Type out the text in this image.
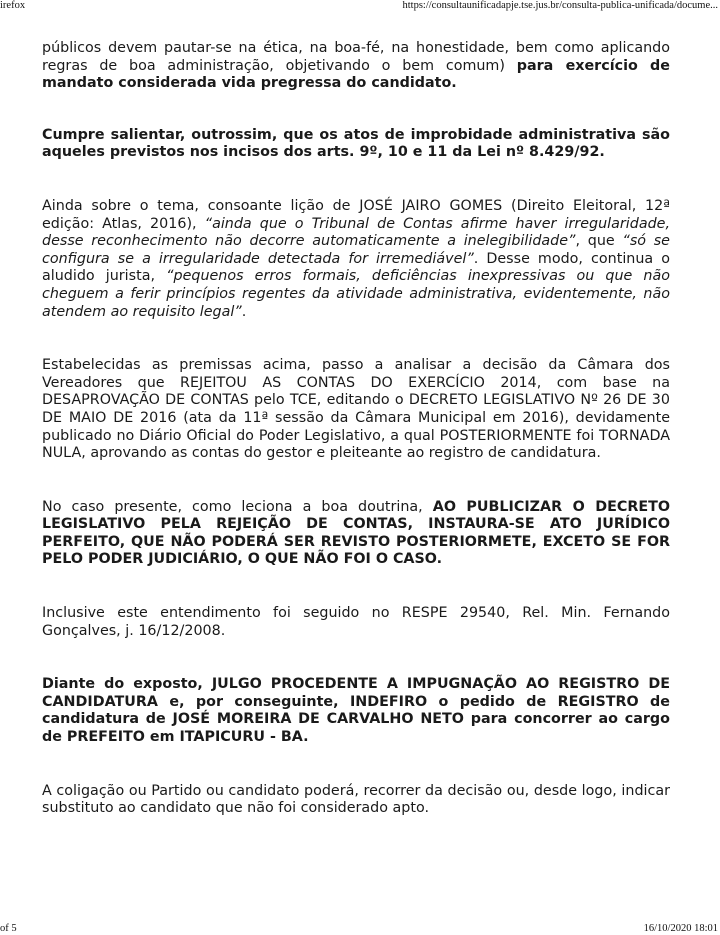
irefox	https://consultaunificadapje.tse.jus.br/consulta-publica-unificada/docume...

públicos devem pautar-se na ética, na boa-fé, na honestidade, bem como aplicando regras de boa administração, objetivando o bem comum) para exercício de mandato considerada vida pregressa do candidato.

Cumpre salientar, outrossim, que os atos de improbidade administrativa são aqueles previstos nos incisos dos arts. 9º, 10 e 11 da Lei nº 8.429/92.

Ainda sobre o tema, consoante lição de JOSÉ JAIRO GOMES (Direito Eleitoral, 12ª edição: Atlas, 2016), “ainda que o Tribunal de Contas afirme haver irregularidade, desse reconhecimento não decorre automaticamente a inelegibilidade”, que “só se configura se a irregularidade detectada for irremediável”. Desse modo, continua o aludido jurista, “pequenos erros formais, deficiências inexpressivas ou que não cheguem a ferir princípios regentes da atividade administrativa, evidentemente, não atendem ao requisito legal”.

Estabelecidas as premissas acima, passo a analisar a decisão da Câmara dos Vereadores que REJEITOU AS CONTAS DO EXERCÍCIO 2014, com base na DESAPROVAÇÃO DE CONTAS pelo TCE, editando o DECRETO LEGISLATIVO Nº 26 DE 30 DE MAIO DE 2016 (ata da 11ª sessão da Câmara Municipal em 2016), devidamente publicado no Diário Oficial do Poder Legislativo, a qual POSTERIORMENTE foi TORNADA NULA, aprovando as contas do gestor e pleiteante ao registro de candidatura.

No caso presente, como leciona a boa doutrina, AO PUBLICIZAR O DECRETO LEGISLATIVO PELA REJEIÇÃO DE CONTAS, INSTAURA-SE ATO JURÍDICO PERFEITO, QUE NÃO PODERÁ SER REVISTO POSTERIORMETE, EXCETO SE FOR PELO PODER JUDICIÁRIO, O QUE NÃO FOI O CASO.

Inclusive este entendimento foi seguido no RESPE 29540, Rel. Min. Fernando Gonçalves, j. 16/12/2008.

Diante do exposto, JULGO PROCEDENTE A IMPUGNAÇÃO AO REGISTRO DE CANDIDATURA e, por conseguinte, INDEFIRO o pedido de REGISTRO de candidatura de JOSÉ MOREIRA DE CARVALHO NETO para concorrer ao cargo de PREFEITO em ITAPICURU - BA.

A coligação ou Partido ou candidato poderá, recorrer da decisão ou, desde logo, indicar substituto ao candidato que não foi considerado apto.

of 5	16/10/2020 18:01
